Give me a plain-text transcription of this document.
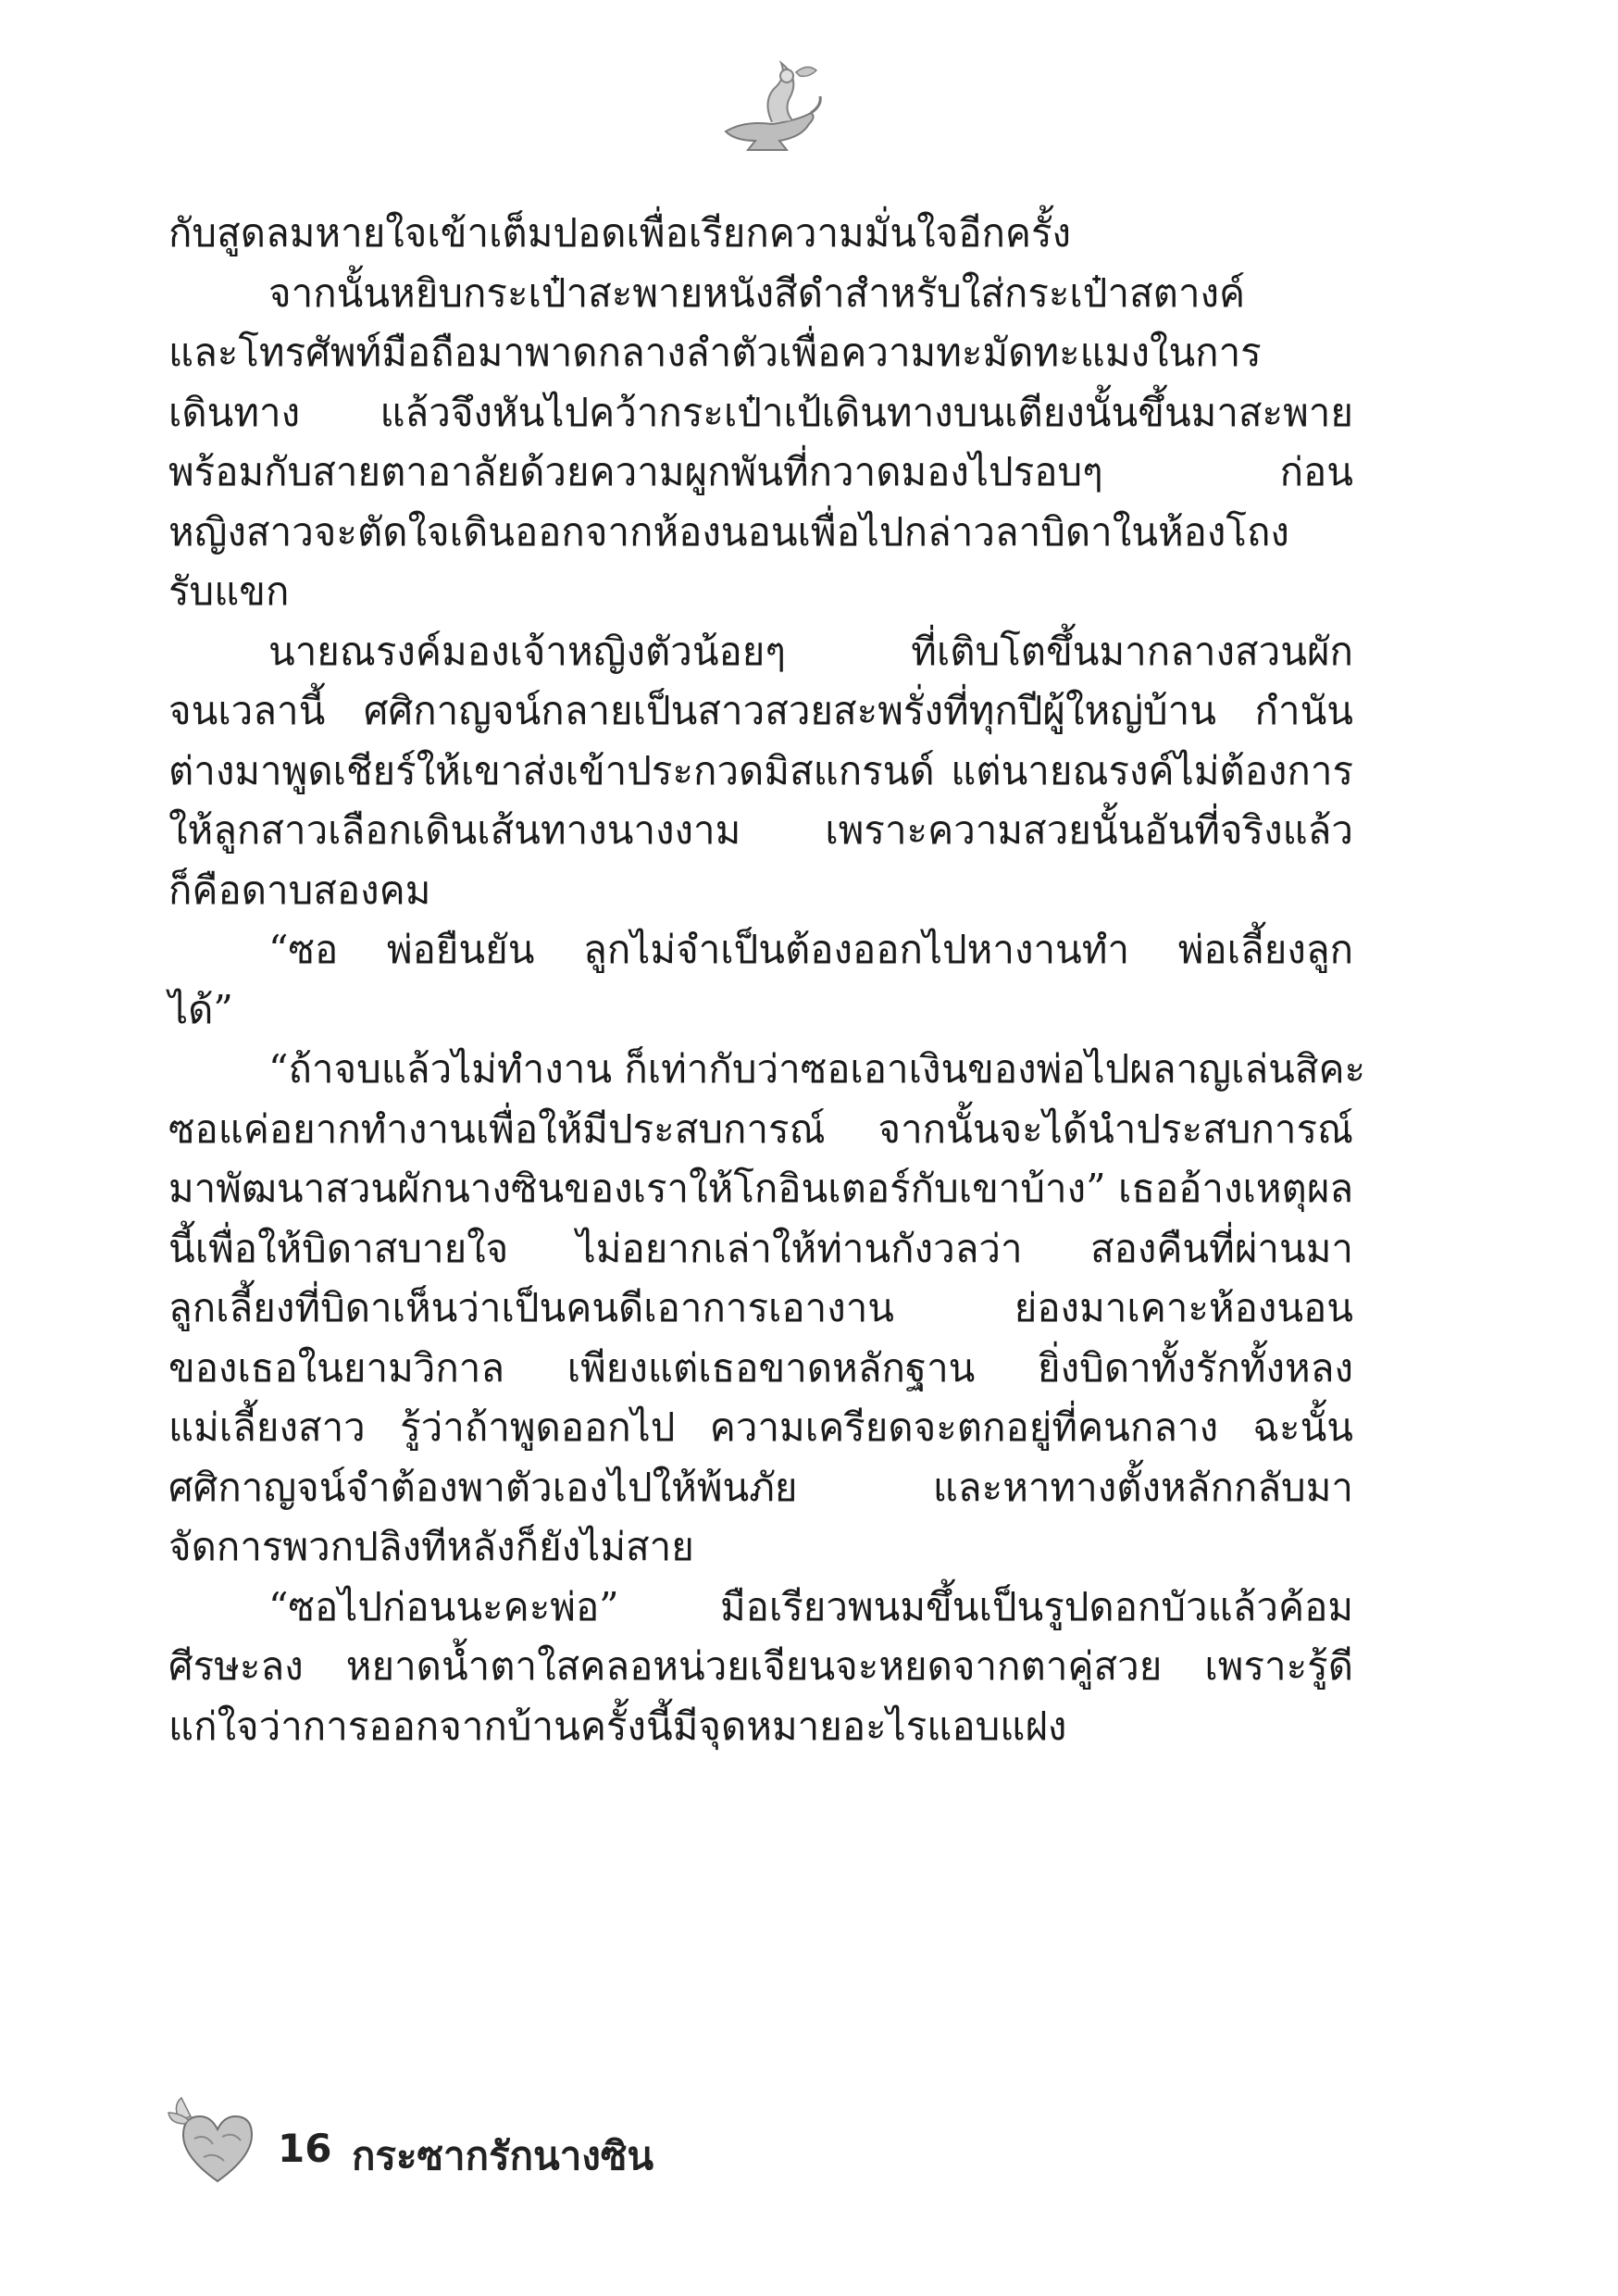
กับสูดลมหายใจเข้าเต็มปอดเพื่อเรียกความมั่นใจอีกครั้ง
จากนั้นหยิบกระเป๋าสะพายหนังสีดำสำหรับใส่กระเป๋าสตางค์
และโทรศัพท์มือถือมาพาดกลางลำตัวเพื่อความทะมัดทะแมงในการ
เดินทาง แล้วจึงหันไปคว้ากระเป๋าเป้เดินทางบนเตียงนั้นขึ้นมาสะพาย
พร้อมกับสายตาอาลัยด้วยความผูกพันที่กวาดมองไปรอบๆ ก่อน
หญิงสาวจะตัดใจเดินออกจากห้องนอนเพื่อไปกล่าวลาบิดาในห้องโถง
รับแขก
นายณรงค์มองเจ้าหญิงตัวน้อยๆ ที่เติบโตขึ้นมากลางสวนผัก
จนเวลานี้ ศศิกาญจน์กลายเป็นสาวสวยสะพรั่งที่ทุกปีผู้ใหญ่บ้าน กำนัน
ต่างมาพูดเชียร์ให้เขาส่งเข้าประกวดมิสแกรนด์ แต่นายณรงค์ไม่ต้องการ
ให้ลูกสาวเลือกเดินเส้นทางนางงาม เพราะความสวยนั้นอันที่จริงแล้ว
ก็คือดาบสองคม
“ซอ พ่อยืนยัน ลูกไม่จำเป็นต้องออกไปหางานทำ พ่อเลี้ยงลูก
ได้”
“ถ้าจบแล้วไม่ทำงาน ก็เท่ากับว่าซอเอาเงินของพ่อไปผลาญเล่นสิคะ
ซอแค่อยากทำงานเพื่อให้มีประสบการณ์ จากนั้นจะได้นำประสบการณ์
มาพัฒนาสวนผักนางซินของเราให้โกอินเตอร์กับเขาบ้าง” เธออ้างเหตุผล
นี้เพื่อให้บิดาสบายใจ ไม่อยากเล่าให้ท่านกังวลว่า สองคืนที่ผ่านมา
ลูกเลี้ยงที่บิดาเห็นว่าเป็นคนดีเอาการเอางาน ย่องมาเคาะห้องนอน
ของเธอในยามวิกาล เพียงแต่เธอขาดหลักฐาน ยิ่งบิดาทั้งรักทั้งหลง
แม่เลี้ยงสาว รู้ว่าถ้าพูดออกไป ความเครียดจะตกอยู่ที่คนกลาง ฉะนั้น
ศศิกาญจน์จำต้องพาตัวเองไปให้พ้นภัย และหาทางตั้งหลักกลับมา
จัดการพวกปลิงทีหลังก็ยังไม่สาย
“ซอไปก่อนนะคะพ่อ” มือเรียวพนมขึ้นเป็นรูปดอกบัวแล้วค้อม
ศีรษะลง หยาดน้ำตาใสคลอหน่วยเจียนจะหยดจากตาคู่สวย เพราะรู้ดี
แก่ใจว่าการออกจากบ้านครั้งนี้มีจุดหมายอะไรแอบแฝง
16 กระซากรักนางซิน
